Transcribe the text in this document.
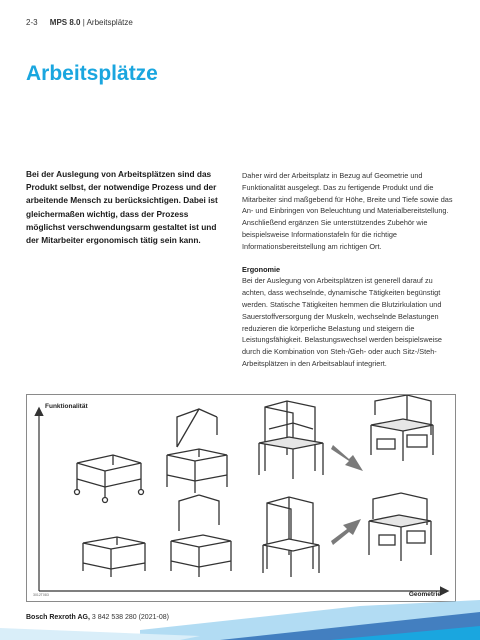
2-3 MPS 8.0 | Arbeitsplätze
Arbeitsplätze
Bei der Auslegung von Arbeitsplätzen sind das Produkt selbst, der notwendige Prozess und der arbeitende Mensch zu berücksichtigen. Dabei ist gleichermaßen wichtig, dass der Prozess möglichst verschwendungsarm gestaltet ist und der Mitarbeiter ergonomisch tätig sein kann.

Daher wird der Arbeitsplatz in Bezug auf Geometrie und Funktionalität ausgelegt. Das zu fertigende Produkt und die Mitarbeiter sind maßgebend für Höhe, Breite und Tiefe sowie das An- und Einbringen von Beleuchtung und Materialbereitstellung. Anschließend ergänzen Sie unterstützendes Zubehör wie beispielsweise Informationstafeln für die richtige Informationsbereitstellung am richtigen Ort.

Ergonomie

Bei der Auslegung von Arbeitsplätzen ist generell darauf zu achten, dass wechselnde, dynamische Tätigkeiten begünstigt werden. Statische Tätigkeiten hemmen die Blutzirkulation und Sauerstoffversorgung der Muskeln, wechselnde Belastungen reduzieren die körperliche Belastung und steigern die Leistungsfähigkeit. Belastungswechsel werden beispielsweise durch die Kombination von Steh-/Geh- oder auch Sitz-/Steh-Arbeitsplätzen in den Arbeitsablauf integriert.

Funktionalität
Geometrie
3012T083
Bosch Rexroth AG, 3 842 538 280 (2021-08)
